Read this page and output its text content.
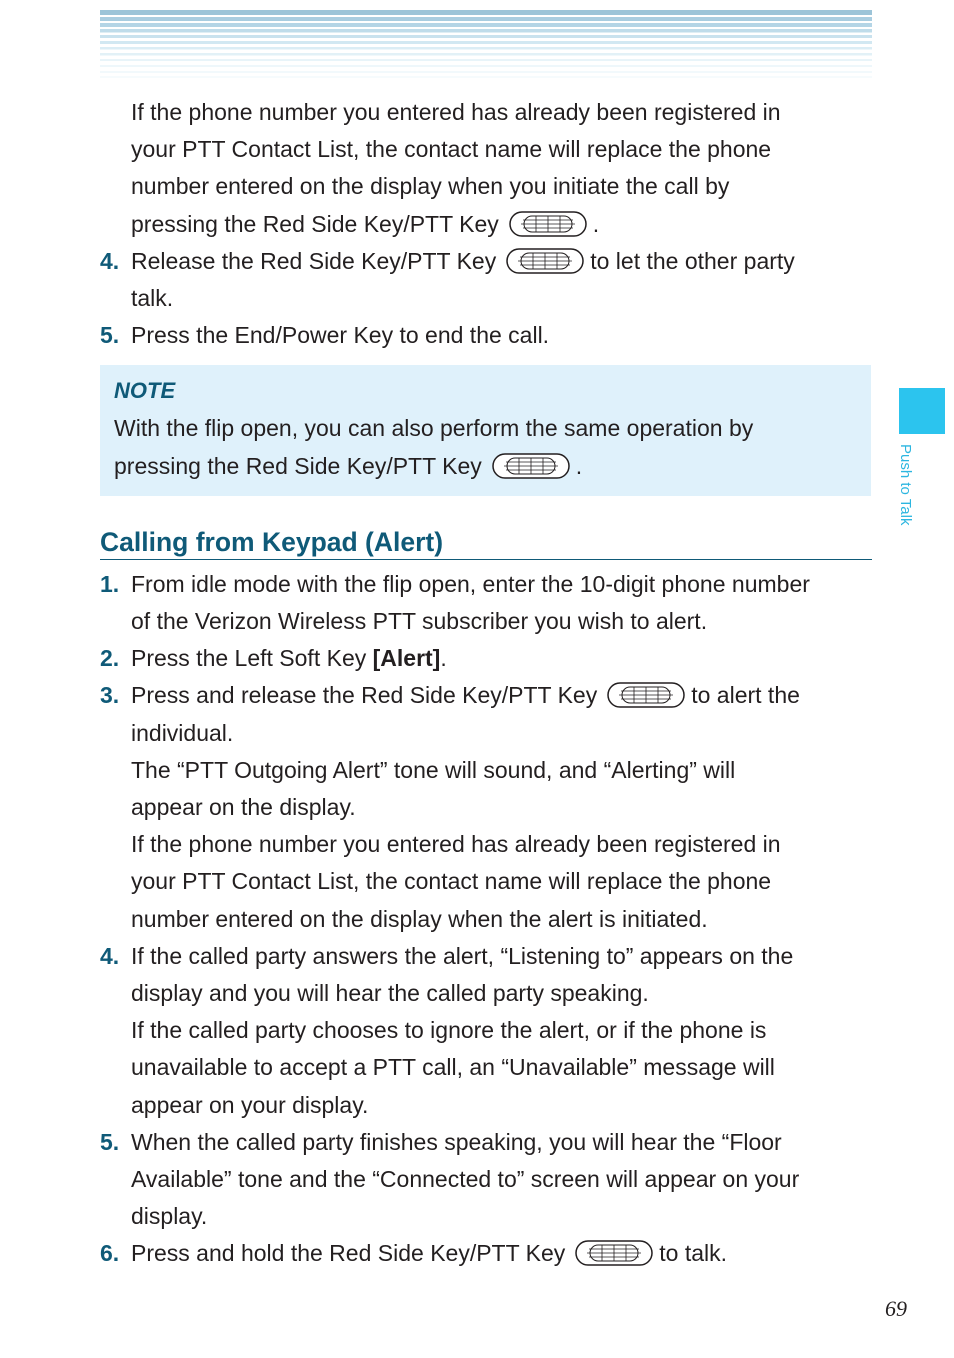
If the phone number you entered has already been registered in
your PTT Contact List, the contact name will replace the phone
number entered on the display when you initiate the call by
pressing the Red Side Key/PTT Key	.
4. Release the Red Side Key/PTT Key	to let the other party
talk.
5. Press the End/Power Key to end the call.
NOTE
With the flip open, you can also perform the same operation by
pressing the Red Side Key/PTT Key	.
Calling from Keypad (Alert)
1. From idle mode with the flip open, enter the 10-digit phone number
of the Verizon Wireless PTT subscriber you wish to alert.
2. Press the Left Soft Key [Alert].
3. Press and release the Red Side Key/PTT Key	to alert the
individual.
The “PTT Outgoing Alert” tone will sound, and “Alerting” will
appear on the display.
If the phone number you entered has already been registered in
your PTT Contact List, the contact name will replace the phone
number entered on the display when the alert is initiated.
4. If the called party answers the alert, “Listening to” appears on the
display and you will hear the called party speaking.
If the called party chooses to ignore the alert, or if the phone is
unavailable to accept a PTT call, an “Unavailable” message will
appear on your display.
5. When the called party finishes speaking, you will hear the “Floor
Available” tone and the “Connected to” screen will appear on your
display.
6. Press and hold the Red Side Key/PTT Key	to talk.
Push to Talk
69
